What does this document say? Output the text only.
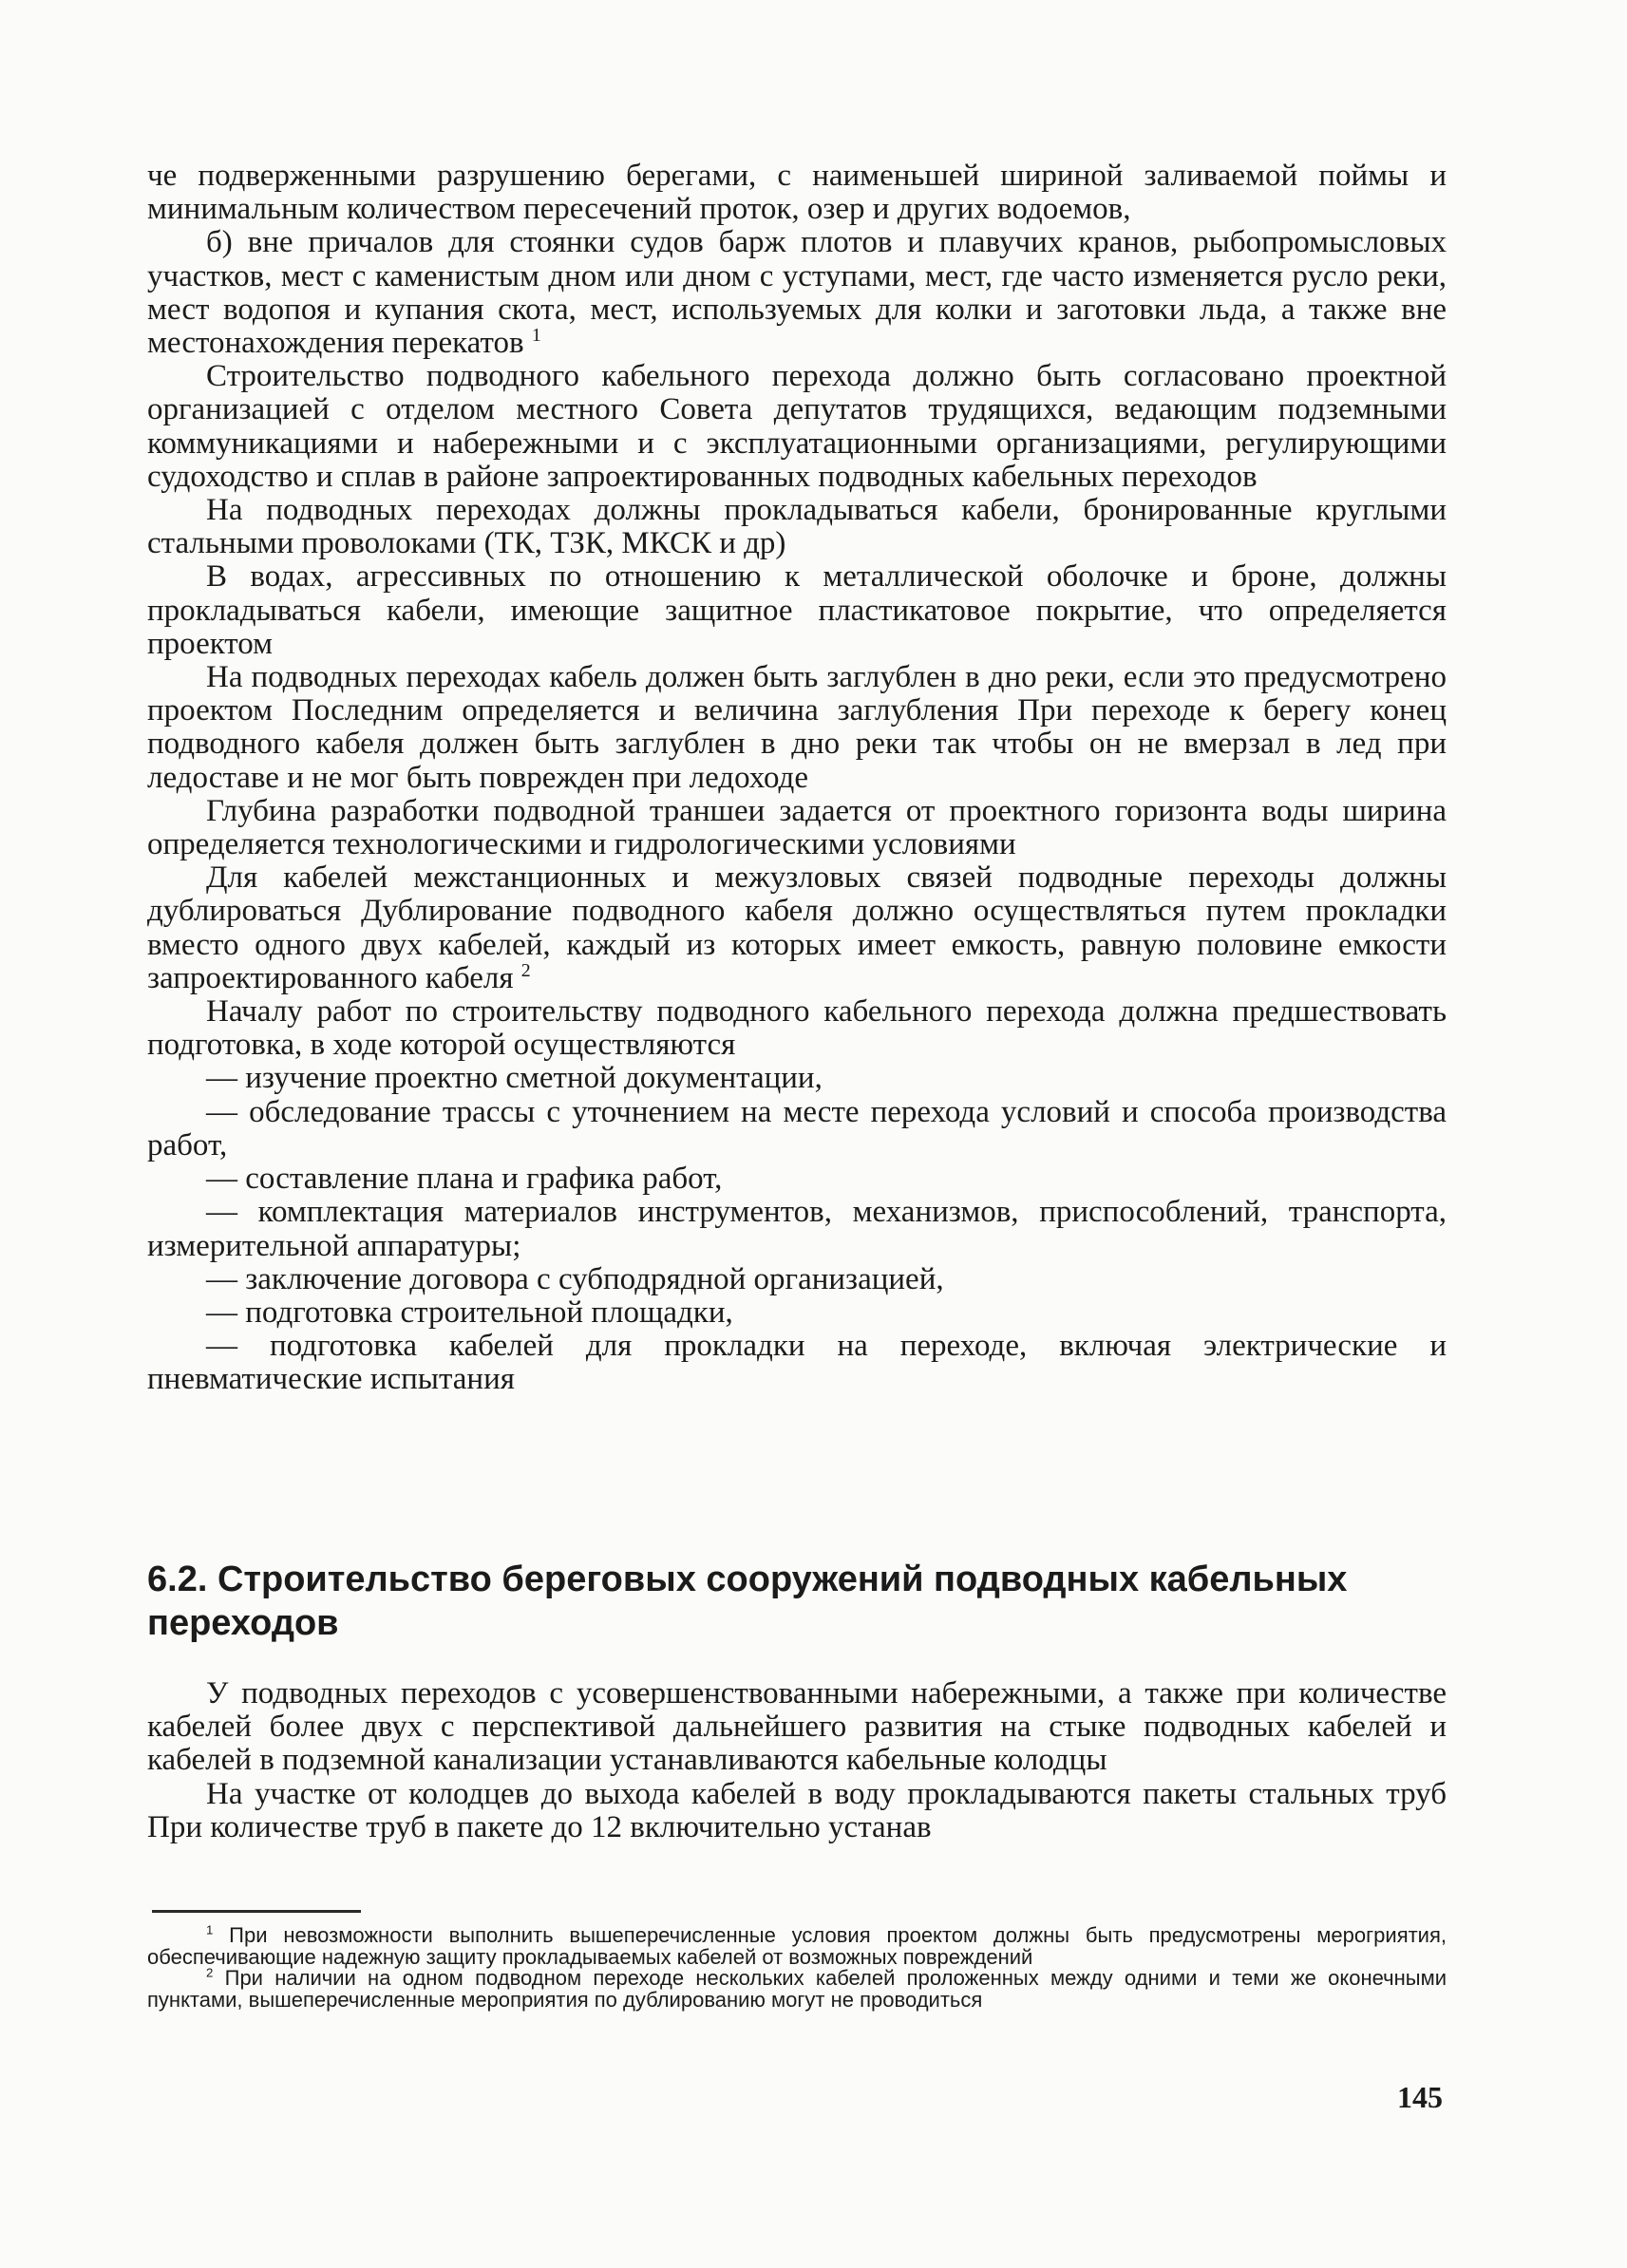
че подверженными разрушению берегами, с наименьшей шириной заливаемой поймы и минимальным количеством пересечений проток, озер и других водоемов,

б) вне причалов для стоянки судов барж плотов и плавучих кранов, рыбопромысловых участков, мест с каменистым дном или дном с уступами, мест, где часто изменяется русло реки, мест водопоя и купания скота, мест, используемых для колки и заготовки льда, а также вне местонахождения перекатов $^1$

Строительство подводного кабельного перехода должно быть согласовано проектной организацией с отделом местного Совета депутатов трудящихся, ведающим подземными коммуникациями и набережными и с эксплуатационными организациями, регулирующими судоходство и сплав в районе запроектированных подводных кабельных переходов

На подводных переходах должны прокладываться кабели, бронированные круглыми стальными проволоками (ТК, ТЗК, МКСК и др)

В водах, агрессивных по отношению к металлической оболочке и броне, должны прокладываться кабели, имеющие защитное пластикатовое покрытие, что определяется проектом

На подводных переходах кабель должен быть заглублен в дно реки, если это предусмотрено проектом Последним определяется и величина заглубления При переходе к берегу конец подводного кабеля должен быть заглублен в дно реки так чтобы он не вмерзал в лед при ледоставе и не мог быть поврежден при ледоходе

Глубина разработки подводной траншеи задается от проектного горизонта воды ширина определяется технологическими и гидрологическими условиями

Для кабелей межстанционных и межузловых связей подводные переходы должны дублироваться Дублирование подводного кабеля должно осуществляться путем прокладки вместо одного двух кабелей, каждый из которых имеет емкость, равную половине емкости запроектированного кабеля $^2$

Началу работ по строительству подводного кабельного перехода должна предшествовать подготовка, в ходе которой осуществляются

— изучение проектно сметной документации,

— обследование трассы с уточнением на месте перехода условий и способа производства работ,

— составление плана и графика работ,

— комплектация материалов инструментов, механизмов, приспособлений, транспорта, измерительной аппаратуры;

— заключение договора с субподрядной организацией,

— подготовка строительной площадки,

— подготовка кабелей для прокладки на переходе, включая электрические и пневматические испытания

6.2. Строительство береговых сооружений подводных кабельных переходов

У подводных переходов с усовершенствованными набережными, а также при количестве кабелей более двух с перспективой дальнейшего развития на стыке подводных кабелей и кабелей в подземной канализации устанавливаются кабельные колодцы

На участке от колодцев до выхода кабелей в воду прокладываются пакеты стальных труб При количестве труб в пакете до 12 включительно устанав

$^1$ При невозможности выполнить вышеперечисленные условия проектом должны быть предусмотрены мерогриятия, обеспечивающие надежную защиту прокладываемых кабелей от возможных повреждений

$^2$ При наличии на одном подводном переходе нескольких кабелей проложенных между одними и теми же оконечными пунктами, вышеперечисленные мероприятия по дублированию могут не проводиться

145
